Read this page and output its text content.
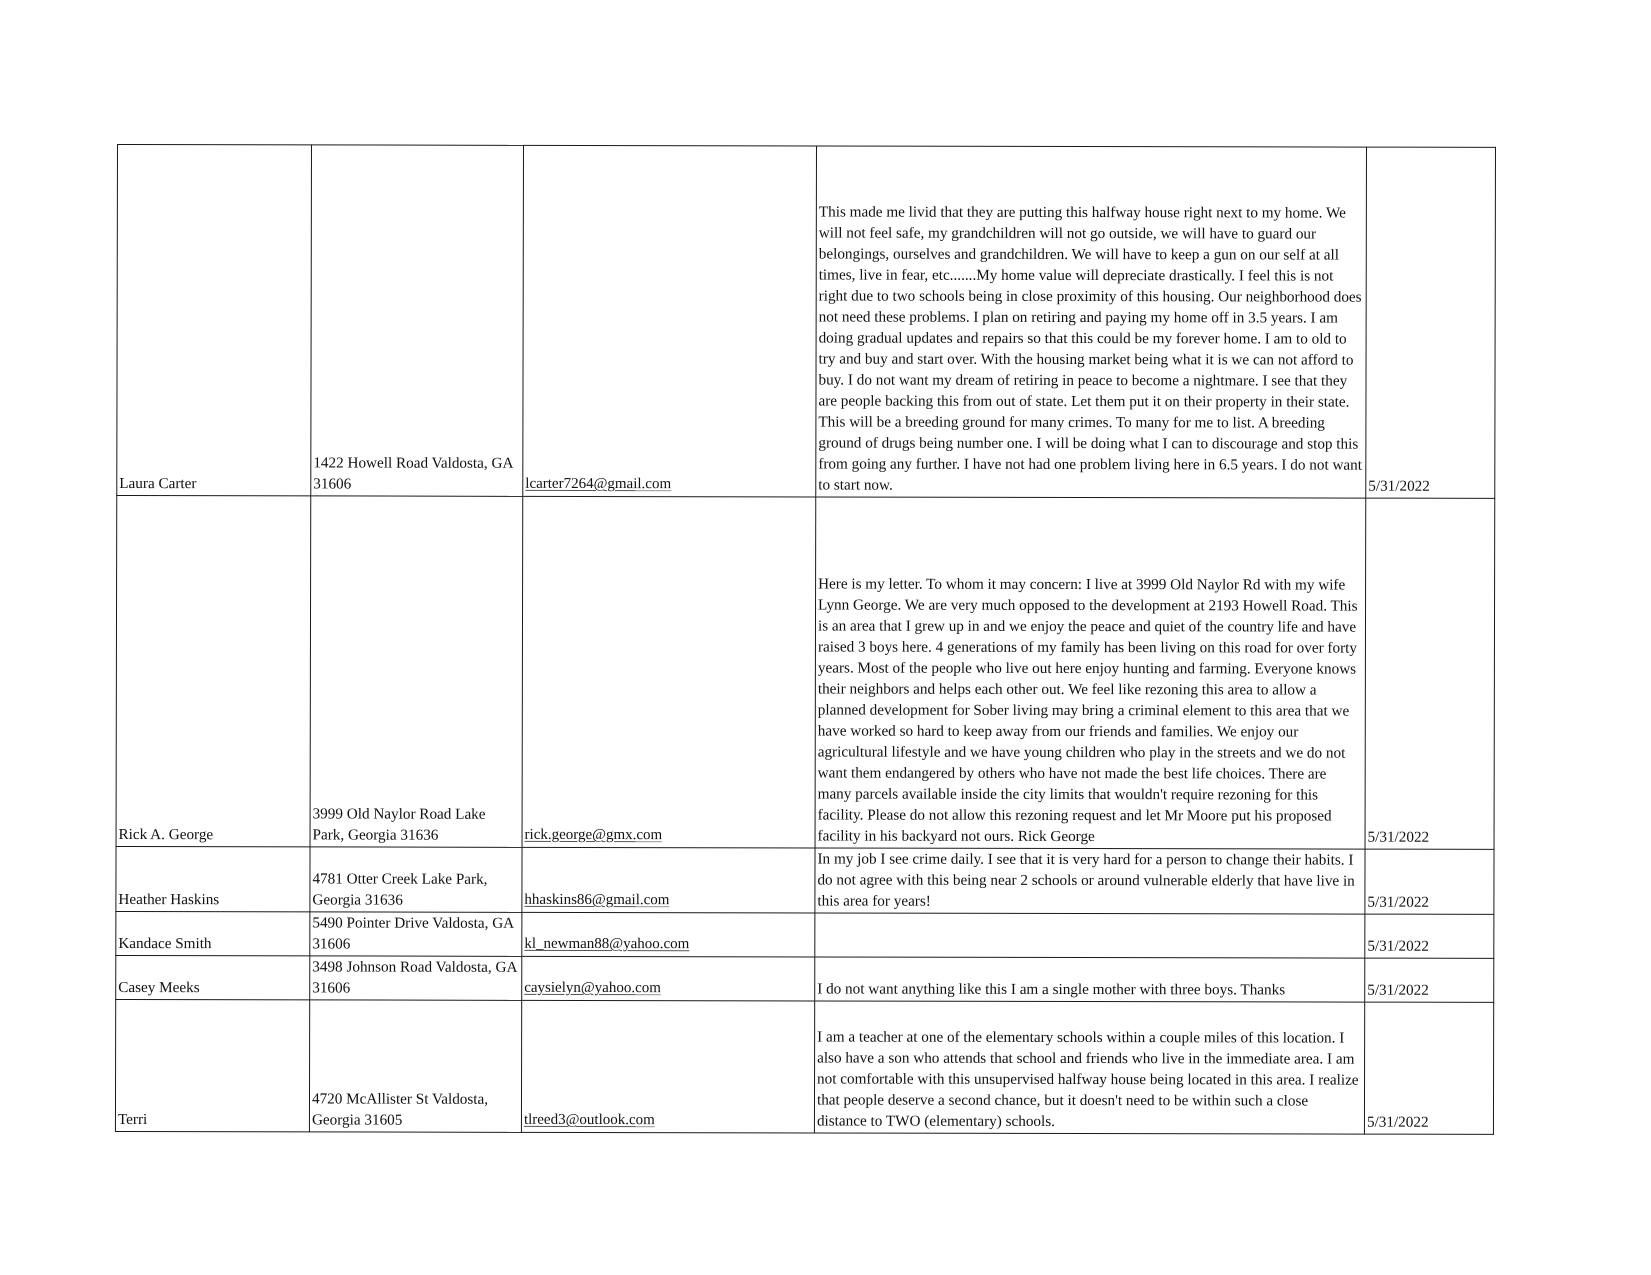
Laura Carter	1422 Howell Road Valdosta, GA 31606	lcarter7264@gmail.com	This made me livid that they are putting this halfway house right next to my home. We will not feel safe, my grandchildren will not go outside, we will have to guard our belongings, ourselves and grandchildren. We will have to keep a gun on our self at all times, live in fear, etc.......My home value will depreciate drastically. I feel this is not right due to two schools being in close proximity of this housing. Our neighborhood does not need these problems. I plan on retiring and paying my home off in 3.5 years. I am doing gradual updates and repairs so that this could be my forever home. I am to old to try and buy and start over. With the housing market being what it is we can not afford to buy. I do not want my dream of retiring in peace to become a nightmare. I see that they are people backing this from out of state. Let them put it on their property in their state. This will be a breeding ground for many crimes. To many for me to list. A breeding ground of drugs being number one. I will be doing what I can to discourage and stop this from going any further. I have not had one problem living here in 6.5 years. I do not want to start now.	5/31/2022
Rick A. George	3999 Old Naylor Road Lake Park, Georgia 31636	rick.george@gmx.com	Here is my letter. To whom it may concern: I live at 3999 Old Naylor Rd with my wife Lynn George. We are very much opposed to the development at 2193 Howell Road. This is an area that I grew up in and we enjoy the peace and quiet of the country life and have raised 3 boys here. 4 generations of my family has been living on this road for over forty years. Most of the people who live out here enjoy hunting and farming. Everyone knows their neighbors and helps each other out. We feel like rezoning this area to allow a planned development for Sober living may bring a criminal element to this area that we have worked so hard to keep away from our friends and families. We enjoy our agricultural lifestyle and we have young children who play in the streets and we do not want them endangered by others who have not made the best life choices. There are many parcels available inside the city limits that wouldn't require rezoning for this facility. Please do not allow this rezoning request and let Mr Moore put his proposed facility in his backyard not ours. Rick George	5/31/2022
Heather Haskins	4781 Otter Creek Lake Park, Georgia 31636	hhaskins86@gmail.com	In my job I see crime daily. I see that it is very hard for a person to change their habits. I do not agree with this being near 2 schools or around vulnerable elderly that have live in this area for years!	5/31/2022
Kandace Smith	5490 Pointer Drive Valdosta, GA 31606	kl_newman88@yahoo.com		5/31/2022
Casey Meeks	3498 Johnson Road Valdosta, GA 31606	caysielyn@yahoo.com	I do not want anything like this I am a single mother with three boys. Thanks	5/31/2022
Terri	4720 McAllister St Valdosta, Georgia 31605	tlreed3@outlook.com	I am a teacher at one of the elementary schools within a couple miles of this location. I also have a son who attends that school and friends who live in the immediate area. I am not comfortable with this unsupervised halfway house being located in this area. I realize that people deserve a second chance, but it doesn't need to be within such a close distance to TWO (elementary) schools.	5/31/2022
